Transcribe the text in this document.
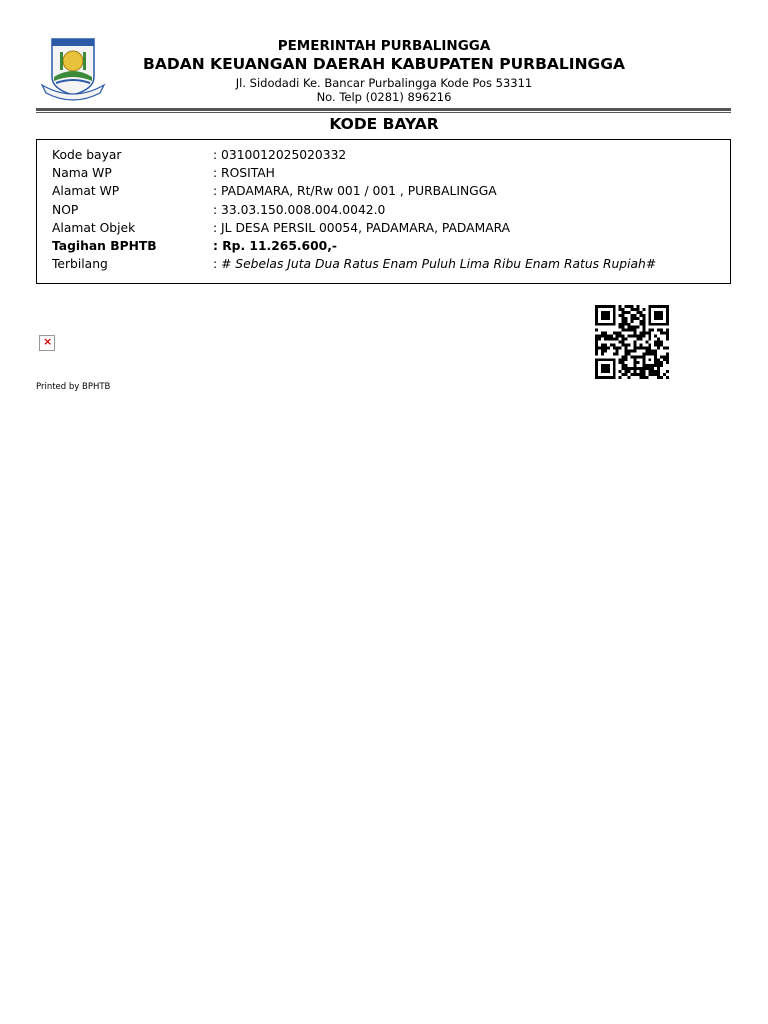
PEMERINTAH PURBALINGGA
BADAN KEUANGAN DAERAH KABUPATEN PURBALINGGA
Jl. Sidodadi Ke. Bancar Purbalingga Kode Pos 53311
No. Telp (0281) 896216
KODE BAYAR
Kode bayar	: 0310012025020332
Nama WP	: ROSITAH
Alamat WP	: PADAMARA, Rt/Rw 001 / 001 , PURBALINGGA
NOP	: 33.03.150.008.004.0042.0
Alamat Objek	: JL DESA PERSIL 00054, PADAMARA, PADAMARA
Tagihan BPHTB	: Rp. 11.265.600,-
Terbilang	: # Sebelas Juta Dua Ratus Enam Puluh Lima Ribu Enam Ratus Rupiah#
×
Printed by BPHTB
